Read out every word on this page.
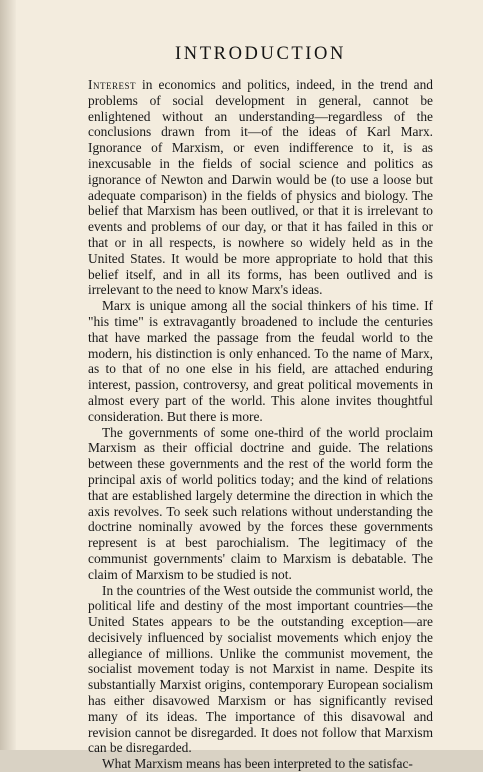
INTRODUCTION

Interest in economics and politics, indeed, in the trend and problems of social development in general, cannot be enlightened without an understanding—regardless of the conclusions drawn from it—of the ideas of Karl Marx. Ignorance of Marxism, or even indifference to it, is as inexcusable in the fields of social science and politics as ignorance of Newton and Darwin would be (to use a loose but adequate comparison) in the fields of physics and biology. The belief that Marxism has been outlived, or that it is irrelevant to events and problems of our day, or that it has failed in this or that or in all respects, is nowhere so widely held as in the United States. It would be more appropriate to hold that this belief itself, and in all its forms, has been outlived and is irrelevant to the need to know Marx's ideas.

Marx is unique among all the social thinkers of his time. If "his time" is extravagantly broadened to include the centuries that have marked the passage from the feudal world to the modern, his distinction is only enhanced. To the name of Marx, as to that of no one else in his field, are attached enduring interest, passion, controversy, and great political movements in almost every part of the world. This alone invites thoughtful consideration. But there is more.

The governments of some one-third of the world proclaim Marxism as their official doctrine and guide. The relations between these governments and the rest of the world form the principal axis of world politics today; and the kind of relations that are established largely determine the direction in which the axis revolves. To seek such relations without understanding the doctrine nominally avowed by the forces these governments represent is at best parochialism. The legitimacy of the communist governments' claim to Marxism is debatable. The claim of Marxism to be studied is not.

In the countries of the West outside the communist world, the political life and destiny of the most important countries—the United States appears to be the outstanding exception—are decisively influenced by socialist movements which enjoy the allegiance of millions. Unlike the communist movement, the socialist movement today is not Marxist in name. Despite its substantially Marxist origins, contemporary European socialism has either disavowed Marxism or has significantly revised many of its ideas. The importance of this disavowal and revision cannot be disregarded. It does not follow that Marxism can be disregarded.

What Marxism means has been interpreted to the satisfac-
